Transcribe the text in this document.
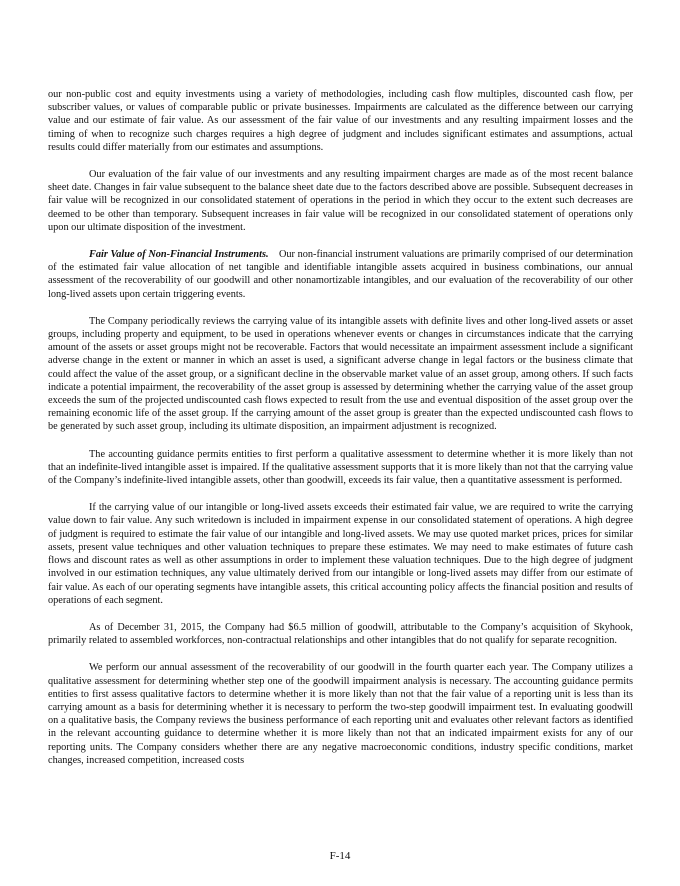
our non-public cost and equity investments using a variety of methodologies, including cash flow multiples, discounted cash flow, per subscriber values, or values of comparable public or private businesses. Impairments are calculated as the difference between our carrying value and our estimate of fair value. As our assessment of the fair value of our investments and any resulting impairment losses and the timing of when to recognize such charges requires a high degree of judgment and includes significant estimates and assumptions, actual results could differ materially from our estimates and assumptions.

Our evaluation of the fair value of our investments and any resulting impairment charges are made as of the most recent balance sheet date. Changes in fair value subsequent to the balance sheet date due to the factors described above are possible. Subsequent decreases in fair value will be recognized in our consolidated statement of operations in the period in which they occur to the extent such decreases are deemed to be other than temporary. Subsequent increases in fair value will be recognized in our consolidated statement of operations only upon our ultimate disposition of the investment.

Fair Value of Non-Financial Instruments. Our non-financial instrument valuations are primarily comprised of our determination of the estimated fair value allocation of net tangible and identifiable intangible assets acquired in business combinations, our annual assessment of the recoverability of our goodwill and other nonamortizable intangibles, and our evaluation of the recoverability of our other long-lived assets upon certain triggering events.

The Company periodically reviews the carrying value of its intangible assets with definite lives and other long-lived assets or asset groups, including property and equipment, to be used in operations whenever events or changes in circumstances indicate that the carrying amount of the assets or asset groups might not be recoverable. Factors that would necessitate an impairment assessment include a significant adverse change in the extent or manner in which an asset is used, a significant adverse change in legal factors or the business climate that could affect the value of the asset group, or a significant decline in the observable market value of an asset group, among others. If such facts indicate a potential impairment, the recoverability of the asset group is assessed by determining whether the carrying value of the asset group exceeds the sum of the projected undiscounted cash flows expected to result from the use and eventual disposition of the asset group over the remaining economic life of the asset group. If the carrying amount of the asset group is greater than the expected undiscounted cash flows to be generated by such asset group, including its ultimate disposition, an impairment adjustment is recognized.

The accounting guidance permits entities to first perform a qualitative assessment to determine whether it is more likely than not that an indefinite-lived intangible asset is impaired. If the qualitative assessment supports that it is more likely than not that the carrying value of the Company’s indefinite-lived intangible assets, other than goodwill, exceeds its fair value, then a quantitative assessment is performed.

If the carrying value of our intangible or long-lived assets exceeds their estimated fair value, we are required to write the carrying value down to fair value. Any such writedown is included in impairment expense in our consolidated statement of operations. A high degree of judgment is required to estimate the fair value of our intangible and long-lived assets. We may use quoted market prices, prices for similar assets, present value techniques and other valuation techniques to prepare these estimates. We may need to make estimates of future cash flows and discount rates as well as other assumptions in order to implement these valuation techniques. Due to the high degree of judgment involved in our estimation techniques, any value ultimately derived from our intangible or long-lived assets may differ from our estimate of fair value. As each of our operating segments have intangible assets, this critical accounting policy affects the financial position and results of operations of each segment.

As of December 31, 2015, the Company had $6.5 million of goodwill, attributable to the Company’s acquisition of Skyhook, primarily related to assembled workforces, non-contractual relationships and other intangibles that do not qualify for separate recognition.

We perform our annual assessment of the recoverability of our goodwill in the fourth quarter each year. The Company utilizes a qualitative assessment for determining whether step one of the goodwill impairment analysis is necessary. The accounting guidance permits entities to first assess qualitative factors to determine whether it is more likely than not that the fair value of a reporting unit is less than its carrying amount as a basis for determining whether it is necessary to perform the two-step goodwill impairment test. In evaluating goodwill on a qualitative basis, the Company reviews the business performance of each reporting unit and evaluates other relevant factors as identified in the relevant accounting guidance to determine whether it is more likely than not that an indicated impairment exists for any of our reporting units. The Company considers whether there are any negative macroeconomic conditions, industry specific conditions, market changes, increased competition, increased costs

F-14
